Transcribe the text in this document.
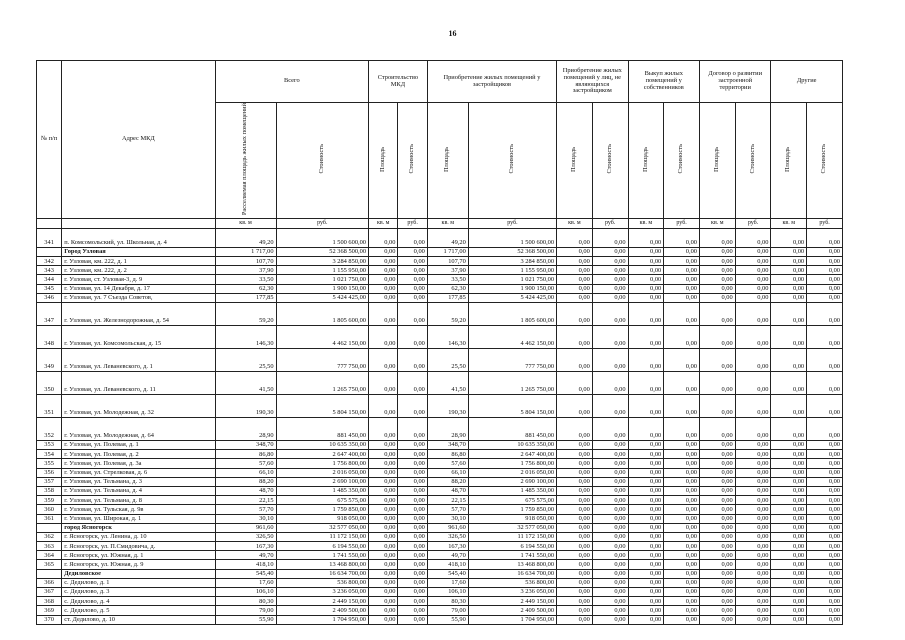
16
№ п/п	Адрес МКД	Всего		Строительство МКД		Приобретение жилых помещений у застройщиков		Приобретение жилых помещений у лиц, не являющихся застройщиком		Выкуп жилых помещений у собственников		Договор о развитии застроенной территории		Другие	
		Расселяемая площадь жилых помещений	Стоимость	Площадь	Стоимость	Площадь	Стоимость	Площадь	Стоимость	Площадь	Стоимость	Площадь	Стоимость	Площадь	Стоимость
		кв. м	руб.	кв. м	руб.	кв. м	руб.	кв. м	руб.	кв. м	руб.	кв. м	руб.	кв. м	руб.
341	п. Комсомольский, ул. Школьная, д. 4	49,20	1 500 600,00	0,00	0,00	49,20	1 500 600,00	0,00	0,00	0,00	0,00	0,00	0,00	0,00	0,00
	Город Узловая	1 717,00	52 368 500,00	0,00	0,00	1 717,00	52 368 500,00	0,00	0,00	0,00	0,00	0,00	0,00	0,00	0,00
342	г. Узловая, км. 222, д. 1	107,70	3 284 850,00	0,00	0,00	107,70	3 284 850,00	0,00	0,00	0,00	0,00	0,00	0,00	0,00	0,00
343	г. Узловая, км. 222, д. 2	37,90	1 155 950,00	0,00	0,00	37,90	1 155 950,00	0,00	0,00	0,00	0,00	0,00	0,00	0,00	0,00
344	г. Узловая, ст. Узловая-3, д. 9	33,50	1 021 750,00	0,00	0,00	33,50	1 021 750,00	0,00	0,00	0,00	0,00	0,00	0,00	0,00	0,00
345	г. Узловая, ул. 14 Декабря, д. 17	62,30	1 900 150,00	0,00	0,00	62,30	1 900 150,00	0,00	0,00	0,00	0,00	0,00	0,00	0,00	0,00
346	г. Узловая, ул. 7 Съезда Советов,	177,85	5 424 425,00	0,00	0,00	177,85	5 424 425,00	0,00	0,00	0,00	0,00	0,00	0,00	0,00	0,00
347	г. Узловая, ул. Железнодорожная, д. 54	59,20	1 805 600,00	0,00	0,00	59,20	1 805 600,00	0,00	0,00	0,00	0,00	0,00	0,00	0,00	0,00
348	г. Узловая, ул. Комсомольская, д. 15	146,30	4 462 150,00	0,00	0,00	146,30	4 462 150,00	0,00	0,00	0,00	0,00	0,00	0,00	0,00	0,00
349	г. Узловая, ул. Леваневского, д. 1	25,50	777 750,00	0,00	0,00	25,50	777 750,00	0,00	0,00	0,00	0,00	0,00	0,00	0,00	0,00
350	г. Узловая, ул. Леваневского, д. 11	41,50	1 265 750,00	0,00	0,00	41,50	1 265 750,00	0,00	0,00	0,00	0,00	0,00	0,00	0,00	0,00
351	г. Узловая, ул. Молодежная, д. 32	190,30	5 804 150,00	0,00	0,00	190,30	5 804 150,00	0,00	0,00	0,00	0,00	0,00	0,00	0,00	0,00
352	г. Узловая, ул. Молодежная, д. 64	28,90	881 450,00	0,00	0,00	28,90	881 450,00	0,00	0,00	0,00	0,00	0,00	0,00	0,00	0,00
353	г. Узловая, ул. Полевая, д. 1	348,70	10 635 350,00	0,00	0,00	348,70	10 635 350,00	0,00	0,00	0,00	0,00	0,00	0,00	0,00	0,00
354	г. Узловая, ул. Полевая, д. 2	86,80	2 647 400,00	0,00	0,00	86,80	2 647 400,00	0,00	0,00	0,00	0,00	0,00	0,00	0,00	0,00
355	г. Узловая, ул. Полевая, д. 3а	57,60	1 756 800,00	0,00	0,00	57,60	1 756 800,00	0,00	0,00	0,00	0,00	0,00	0,00	0,00	0,00
356	г. Узловая, ул. Стрелковая, д. 6	66,10	2 016 050,00	0,00	0,00	66,10	2 016 050,00	0,00	0,00	0,00	0,00	0,00	0,00	0,00	0,00
357	г. Узловая, ул. Тельмана, д. 3	88,20	2 690 100,00	0,00	0,00	88,20	2 690 100,00	0,00	0,00	0,00	0,00	0,00	0,00	0,00	0,00
358	г. Узловая, ул. Тельмана, д. 4	48,70	1 485 350,00	0,00	0,00	48,70	1 485 350,00	0,00	0,00	0,00	0,00	0,00	0,00	0,00	0,00
359	г. Узловая, ул. Тельмана, д. 8	22,15	675 575,00	0,00	0,00	22,15	675 575,00	0,00	0,00	0,00	0,00	0,00	0,00	0,00	0,00
360	г. Узловая, ул. Тульская, д. 9в	57,70	1 759 850,00	0,00	0,00	57,70	1 759 850,00	0,00	0,00	0,00	0,00	0,00	0,00	0,00	0,00
361	г. Узловая, ул. Широкая, д. 1	30,10	918 050,00	0,00	0,00	30,10	918 050,00	0,00	0,00	0,00	0,00	0,00	0,00	0,00	0,00
	город Ясногорск	961,60	32 577 050,00	0,00	0,00	961,60	32 577 050,00	0,00	0,00	0,00	0,00	0,00	0,00	0,00	0,00
362	г. Ясногорск, ул. Ленина, д. 10	326,50	11 172 150,00	0,00	0,00	326,50	11 172 150,00	0,00	0,00	0,00	0,00	0,00	0,00	0,00	0,00
363	г. Ясногорск, ул. П.Смидовича, д.	167,30	6 194 550,00	0,00	0,00	167,30	6 194 550,00	0,00	0,00	0,00	0,00	0,00	0,00	0,00	0,00
364	г. Ясногорск, ул. Южная, д. 1	49,70	1 741 550,00	0,00	0,00	49,70	1 741 550,00	0,00	0,00	0,00	0,00	0,00	0,00	0,00	0,00
365	г. Ясногорск, ул. Южная, д. 9	418,10	13 468 800,00	0,00	0,00	418,10	13 468 800,00	0,00	0,00	0,00	0,00	0,00	0,00	0,00	0,00
	Дедиловское	545,40	16 634 700,00	0,00	0,00	545,40	16 634 700,00	0,00	0,00	0,00	0,00	0,00	0,00	0,00	0,00
366	с. Дедилово, д. 1	17,60	536 800,00	0,00	0,00	17,60	536 800,00	0,00	0,00	0,00	0,00	0,00	0,00	0,00	0,00
367	с. Дедилово, д. 3	106,10	3 236 050,00	0,00	0,00	106,10	3 236 050,00	0,00	0,00	0,00	0,00	0,00	0,00	0,00	0,00
368	с. Дедилово, д. 4	80,30	2 449 150,00	0,00	0,00	80,30	2 449 150,00	0,00	0,00	0,00	0,00	0,00	0,00	0,00	0,00
369	с. Дедилово, д. 5	79,00	2 409 500,00	0,00	0,00	79,00	2 409 500,00	0,00	0,00	0,00	0,00	0,00	0,00	0,00	0,00
370	ст. Дедилово, д. 10	55,90	1 704 950,00	0,00	0,00	55,90	1 704 950,00	0,00	0,00	0,00	0,00	0,00	0,00	0,00	0,00
